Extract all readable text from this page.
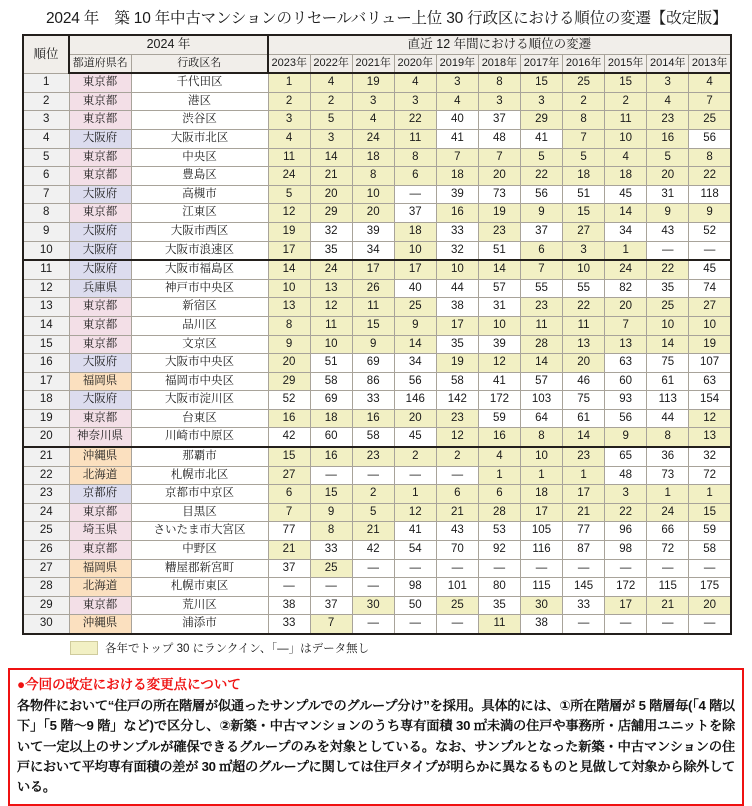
2024 年　築 10 年中古マンションのリセールバリュー上位 30 行政区における順位の変遷【改定版】
順位	2024 年		直近 12 年間における順位の変遷										
	都道府県名	行政区名	2023年	2022年	2021年	2020年	2019年	2018年	2017年	2016年	2015年	2014年	2013年
1	東京都	千代田区	1	4	19	4	3	8	15	25	15	3	4
2	東京都	港区	2	2	3	3	4	3	3	2	2	4	7
3	東京都	渋谷区	3	5	4	22	40	37	29	8	11	23	25
4	大阪府	大阪市北区	4	3	24	11	41	48	41	7	10	16	56
5	東京都	中央区	11	14	18	8	7	7	5	5	4	5	8
6	東京都	豊島区	24	21	8	6	18	20	22	18	18	20	22
7	大阪府	高槻市	5	20	10	—	39	73	56	51	45	31	118
8	東京都	江東区	12	29	20	37	16	19	9	15	14	9	9
9	大阪府	大阪市西区	19	32	39	18	33	23	37	27	34	43	52
10	大阪府	大阪市浪速区	17	35	34	10	32	51	6	3	1	—	—
11	大阪府	大阪市福島区	14	24	17	17	10	14	7	10	24	22	45
12	兵庫県	神戸市中央区	10	13	26	40	44	57	55	55	82	35	74
13	東京都	新宿区	13	12	11	25	38	31	23	22	20	25	27
14	東京都	品川区	8	11	15	9	17	10	11	11	7	10	10
15	東京都	文京区	9	10	9	14	35	39	28	13	13	14	19
16	大阪府	大阪市中央区	20	51	69	34	19	12	14	20	63	75	107
17	福岡県	福岡市中央区	29	58	86	56	58	41	57	46	60	61	63
18	大阪府	大阪市淀川区	52	69	33	146	142	172	103	75	93	113	154
19	東京都	台東区	16	18	16	20	23	59	64	61	56	44	12
20	神奈川県	川崎市中原区	42	60	58	45	12	16	8	14	9	8	13
21	沖縄県	那覇市	15	16	23	2	2	4	10	23	65	36	32
22	北海道	札幌市北区	27	—	—	—	—	1	1	1	48	73	72
23	京都府	京都市中京区	6	15	2	1	6	6	18	17	3	1	1
24	東京都	目黒区	7	9	5	12	21	28	17	21	22	24	15
25	埼玉県	さいたま市大宮区	77	8	21	41	43	53	105	77	96	66	59
26	東京都	中野区	21	33	42	54	70	92	116	87	98	72	58
27	福岡県	糟屋郡新宮町	37	25	—	—	—	—	—	—	—	—	—
28	北海道	札幌市東区	—	—	—	98	101	80	115	145	172	115	175
29	東京都	荒川区	38	37	30	50	25	35	30	33	17	21	20
30	沖縄県	浦添市	33	7	—	—	—	11	38	—	—	—	—
各年でトップ 30 にランクイン、「—」はデータ無し
●今回の改定における変更点について
各物件において“住戸の所在階層が似通ったサンプルでのグループ分け”を採用。具体的には、①所在階層が 5 階層毎(「4 階以下」「5 階～9 階」など)で区分し、②新築・中古マンションのうち専有面積 30 ㎡未満の住戸や事務所・店舗用ユニットを除いて一定以上のサンプルが確保できるグループのみを対象としている。なお、サンプルとなった新築・中古マンションの住戸において平均専有面積の差が 30 ㎡超のグループに関しては住戸タイプが明らかに異なるものと見做して対象から除外している。
